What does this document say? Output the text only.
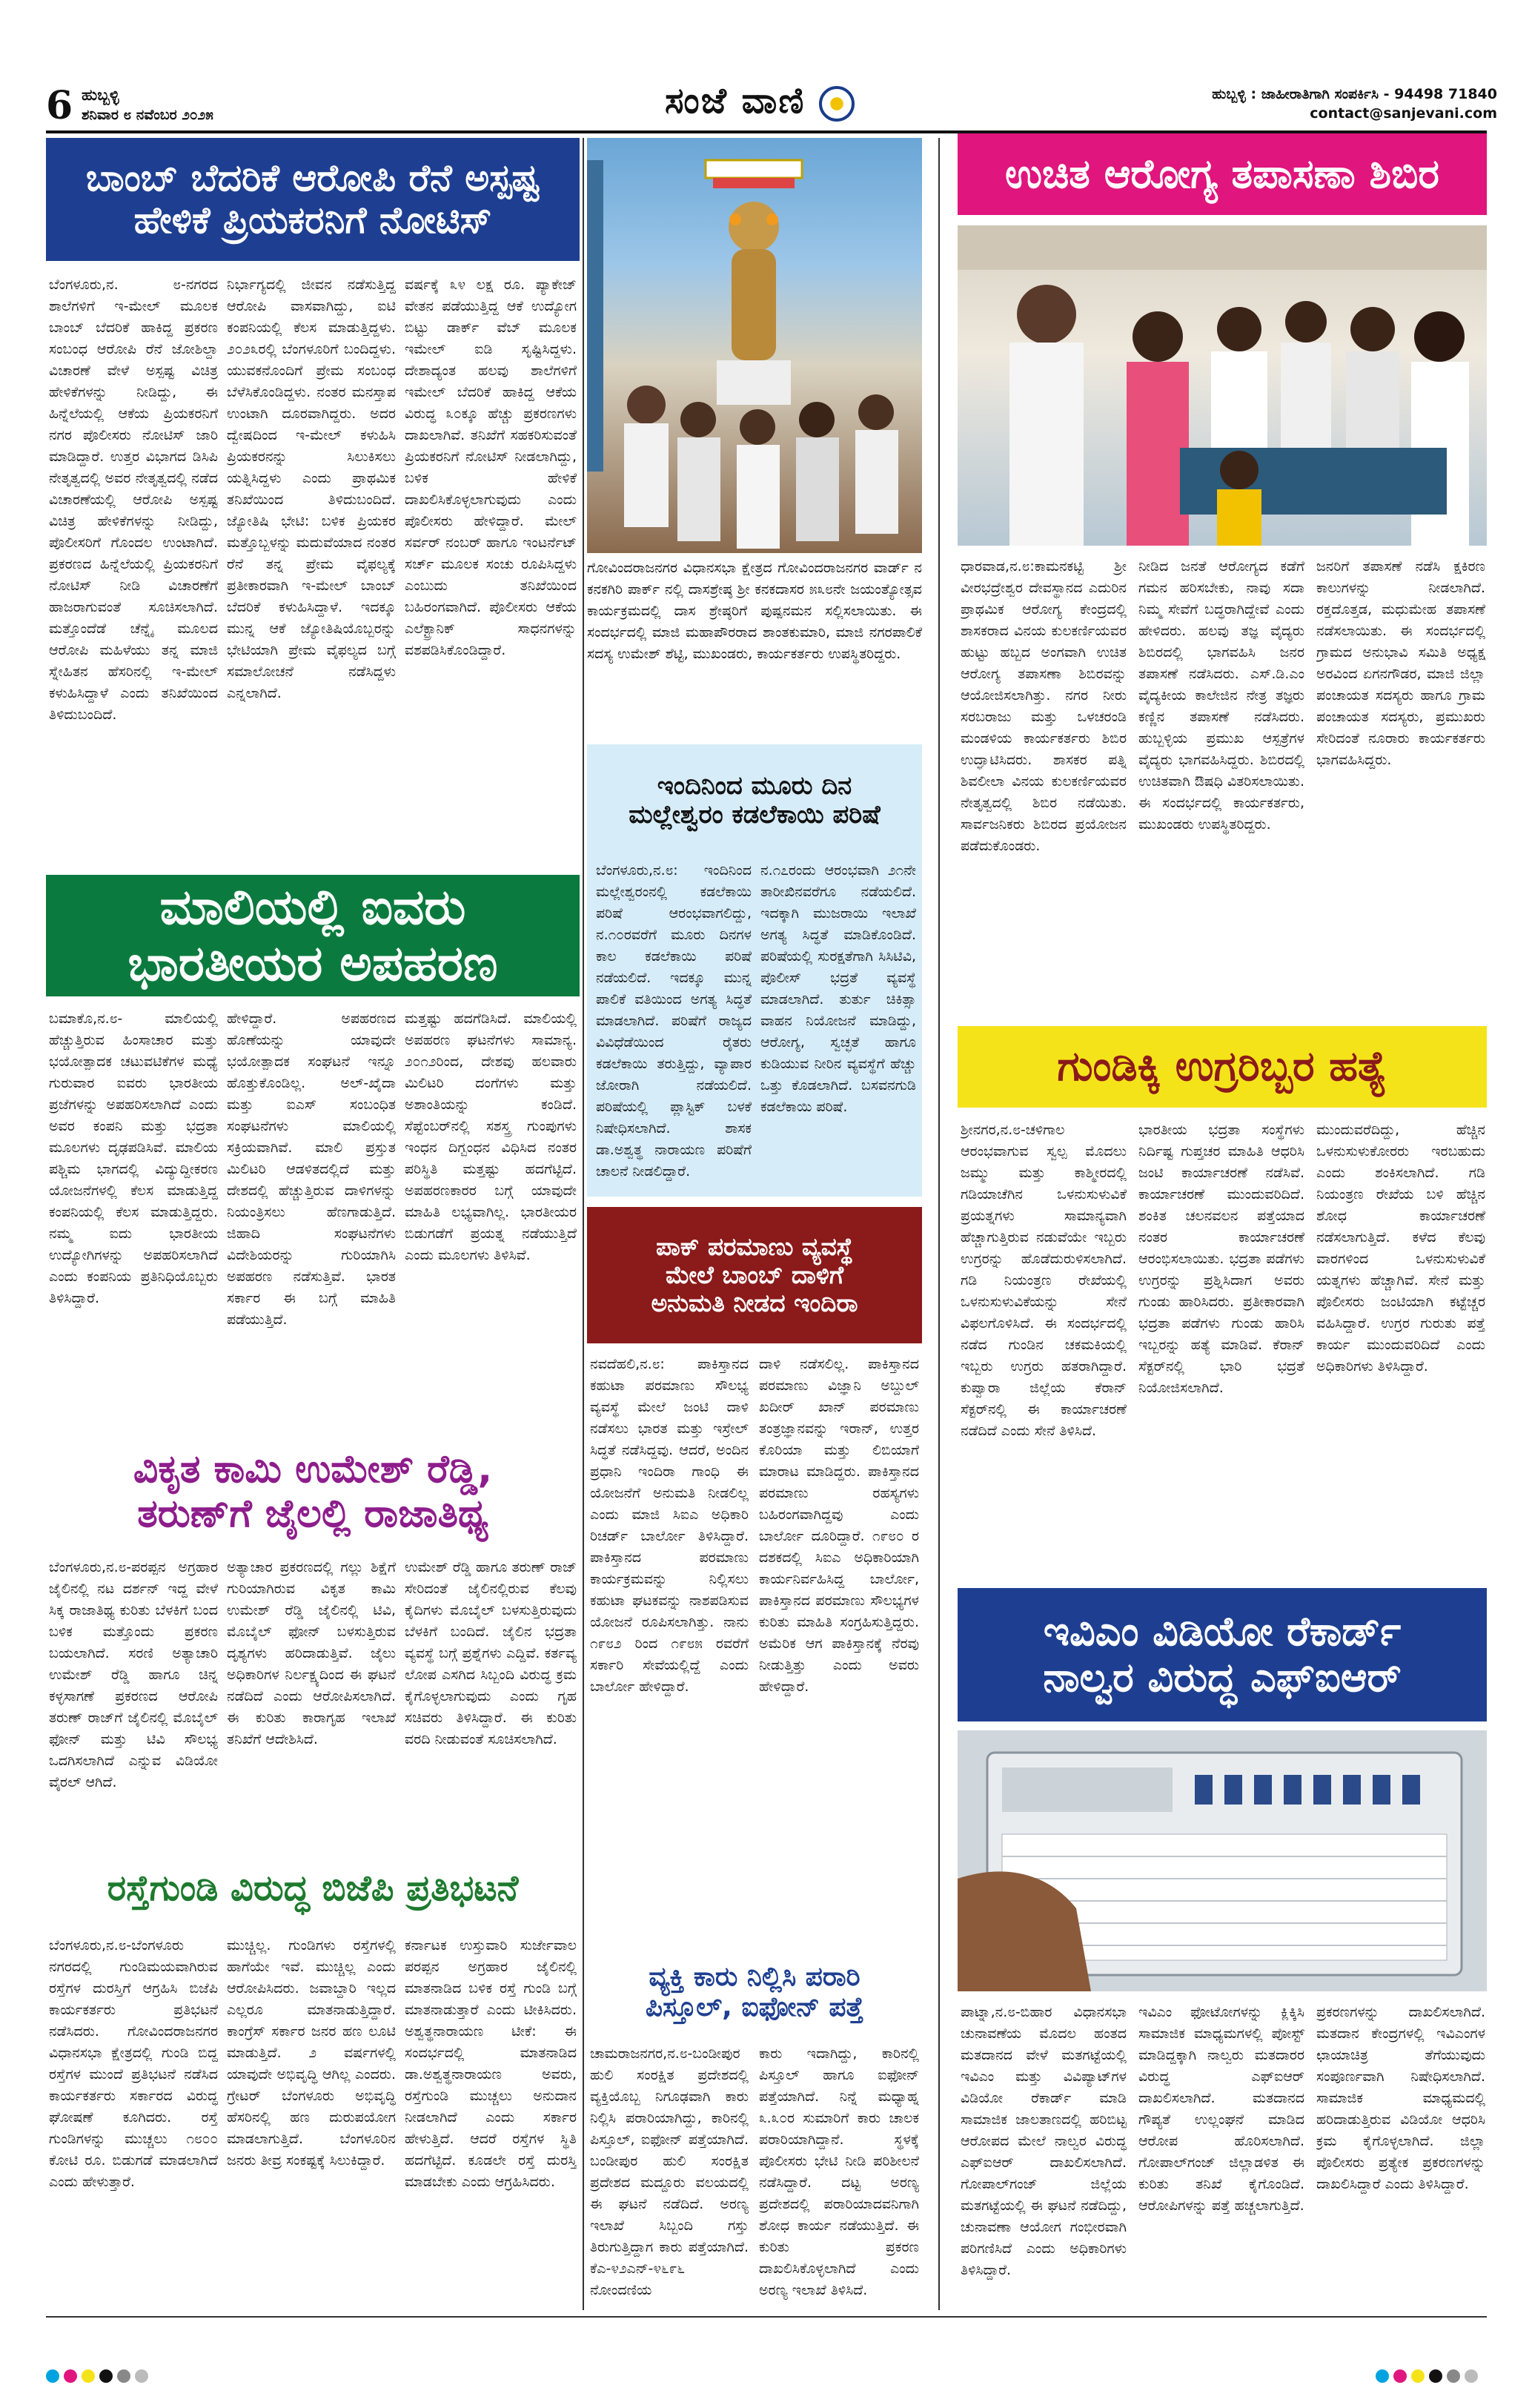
6 ಹುಬ್ಬಳ್ಳಿ
ಶನಿವಾರ ೮ ನವೆಂಬರ ೨೦೨೫	ಸಂಜೆ ವಾಣಿ	ಹುಬ್ಬಳ್ಳಿ : ಜಾಹೀರಾತಿಗಾಗಿ ಸಂಪರ್ಕಿಸಿ - 94498 71840
contact@sanjevani.com
ಬಾಂಬ್ ಬೆದರಿಕೆ ಆರೋಪಿ ರೆನೆ ಅಸ್ಪಷ್ಟ
ಹೇಳಿಕೆ ಪ್ರಿಯಕರನಿಗೆ ನೋಟಿಸ್
ಬೆಂಗಳೂರು,ನ. ೮-ನಗರದ ಶಾಲೆಗಳಿಗೆ ಇ-ಮೇಲ್ ಮೂಲಕ ಬಾಂಬ್ ಬೆದರಿಕೆ ಹಾಕಿದ್ದ ಪ್ರಕರಣ ಸಂಬಂಧ ಆರೋಪಿ ರೆನೆ ಜೋಶಿಲ್ದಾ ವಿಚಾರಣೆ ವೇಳೆ ಅಸ್ಪಷ್ಟ ವಿಚಿತ್ರ ಹೇಳಿಕೆಗಳನ್ನು ನೀಡಿದ್ದು, ಈ ಹಿನ್ನೆಲೆಯಲ್ಲಿ ಆಕೆಯ ಪ್ರಿಯಕರನಿಗೆ ನಗರ ಪೊಲೀಸರು ನೋಟಿಸ್ ಜಾರಿ ಮಾಡಿದ್ದಾರೆ. ಉತ್ತರ ವಿಭಾಗದ ಡಿಸಿಪಿ ನೇತೃತ್ವದಲ್ಲಿ ಅವರ ನೇತೃತ್ವದಲ್ಲಿ ನಡೆದ ವಿಚಾರಣೆಯಲ್ಲಿ ಆರೋಪಿ ಅಸ್ಪಷ್ಟ ವಿಚಿತ್ರ ಹೇಳಿಕೆಗಳನ್ನು ನೀಡಿದ್ದು, ಪೊಲೀಸರಿಗೆ ಗೊಂದಲ ಉಂಟಾಗಿದೆ. ಪ್ರಕರಣದ ಹಿನ್ನೆಲೆಯಲ್ಲಿ ಪ್ರಿಯಕರನಿಗೆ ನೋಟಿಸ್ ನೀಡಿ ವಿಚಾರಣೆಗೆ ಹಾಜರಾಗುವಂತೆ ಸೂಚಿಸಲಾಗಿದೆ. ಮತ್ತೊಂದೆಡೆ ಚೆನ್ನೈ ಮೂಲದ ಆರೋಪಿ ಮಹಿಳೆಯು ತನ್ನ ಮಾಜಿ ಸ್ನೇಹಿತನ ಹೆಸರಿನಲ್ಲಿ ಇ-ಮೇಲ್ ಕಳುಹಿಸಿದ್ದಾಳೆ ಎಂದು ತನಿಖೆಯಿಂದ ತಿಳಿದುಬಂದಿದೆ.
ನಿರ್ಭಾಗ್ಯದಲ್ಲಿ ಜೀವನ ನಡೆಸುತ್ತಿದ್ದ ಆರೋಪಿ ವಾಸವಾಗಿದ್ದು, ಐಟಿ ಕಂಪನಿಯಲ್ಲಿ ಕೆಲಸ ಮಾಡುತ್ತಿದ್ದಳು. ೨೦೨೩ರಲ್ಲಿ ಬೆಂಗಳೂರಿಗೆ ಬಂದಿದ್ದಳು. ಯುವಕನೊಂದಿಗೆ ಪ್ರೇಮ ಸಂಬಂಧ ಬೆಳೆಸಿಕೊಂಡಿದ್ದಳು. ನಂತರ ಮನಸ್ತಾಪ ಉಂಟಾಗಿ ದೂರವಾಗಿದ್ದರು. ಅದರ ದ್ವೇಷದಿಂದ ಇ-ಮೇಲ್ ಕಳುಹಿಸಿ ಪ್ರಿಯಕರನನ್ನು ಸಿಲುಕಿಸಲು ಯತ್ನಿಸಿದ್ದಳು ಎಂದು ಪ್ರಾಥಮಿಕ ತನಿಖೆಯಿಂದ ತಿಳಿದುಬಂದಿದೆ. ಜ್ಯೋತಿಷಿ ಭೇಟಿ: ಬಳಿಕ ಪ್ರಿಯಕರ ಮತ್ತೊಬ್ಬಳನ್ನು ಮದುವೆಯಾದ ನಂತರ ರೆನೆ ತನ್ನ ಪ್ರೇಮ ವೈಫಲ್ಯಕ್ಕೆ ಪ್ರತೀಕಾರವಾಗಿ ಇ-ಮೇಲ್ ಬಾಂಬ್ ಬೆದರಿಕೆ ಕಳುಹಿಸಿದ್ದಾಳೆ. ಇದಕ್ಕೂ ಮುನ್ನ ಆಕೆ ಜ್ಯೋತಿಷಿಯೊಬ್ಬರನ್ನು ಭೇಟಿಯಾಗಿ ಪ್ರೇಮ ವೈಫಲ್ಯದ ಬಗ್ಗೆ ಸಮಾಲೋಚನೆ ನಡೆಸಿದ್ದಳು ಎನ್ನಲಾಗಿದೆ.
ವರ್ಷಕ್ಕೆ ೩೪ ಲಕ್ಷ ರೂ. ಪ್ಯಾಕೇಜ್ ವೇತನ ಪಡೆಯುತ್ತಿದ್ದ ಆಕೆ ಉದ್ಯೋಗ ಬಿಟ್ಟು ಡಾರ್ಕ್ ವೆಬ್ ಮೂಲಕ ಇಮೇಲ್ ಐಡಿ ಸೃಷ್ಟಿಸಿದ್ದಳು. ದೇಶಾದ್ಯಂತ ಹಲವು ಶಾಲೆಗಳಿಗೆ ಇಮೇಲ್ ಬೆದರಿಕೆ ಹಾಕಿದ್ದ ಆಕೆಯ ವಿರುದ್ಧ ೩೦ಕ್ಕೂ ಹೆಚ್ಚು ಪ್ರಕರಣಗಳು ದಾಖಲಾಗಿವೆ. ತನಿಖೆಗೆ ಸಹಕರಿಸುವಂತೆ ಪ್ರಿಯಕರನಿಗೆ ನೋಟಿಸ್ ನೀಡಲಾಗಿದ್ದು, ಬಳಿಕ ಹೇಳಿಕೆ ದಾಖಲಿಸಿಕೊಳ್ಳಲಾಗುವುದು ಎಂದು ಪೊಲೀಸರು ಹೇಳಿದ್ದಾರೆ. ಮೇಲ್ ಸರ್ವರ್ ನಂಬರ್ ಹಾಗೂ ಇಂಟರ್ನೆಟ್ ಸರ್ಚ್ ಮೂಲಕ ಸಂಚು ರೂಪಿಸಿದ್ದಳು ಎಂಬುದು ತನಿಖೆಯಿಂದ ಬಹಿರಂಗವಾಗಿದೆ. ಪೊಲೀಸರು ಆಕೆಯ ಎಲೆಕ್ಟ್ರಾನಿಕ್ ಸಾಧನಗಳನ್ನು ವಶಪಡಿಸಿಕೊಂಡಿದ್ದಾರೆ.
ಮಾಲಿಯಲ್ಲಿ ಐವರು
ಭಾರತೀಯರ ಅಪಹರಣ
ಬಮಾಕೊ,ನ.೮- ಮಾಲಿಯಲ್ಲಿ ಹೆಚ್ಚುತ್ತಿರುವ ಹಿಂಸಾಚಾರ ಮತ್ತು ಭಯೋತ್ಪಾದಕ ಚಟುವಟಿಕೆಗಳ ಮಧ್ಯೆ ಗುರುವಾರ ಐವರು ಭಾರತೀಯ ಪ್ರಜೆಗಳನ್ನು ಅಪಹರಿಸಲಾಗಿದೆ ಎಂದು ಅವರ ಕಂಪನಿ ಮತ್ತು ಭದ್ರತಾ ಮೂಲಗಳು ದೃಢಪಡಿಸಿವೆ. ಮಾಲಿಯ ಪಶ್ಚಿಮ ಭಾಗದಲ್ಲಿ ವಿದ್ಯುದ್ದೀಕರಣ ಯೋಜನೆಗಳಲ್ಲಿ ಕೆಲಸ ಮಾಡುತ್ತಿದ್ದ ಕಂಪನಿಯಲ್ಲಿ ಕೆಲಸ ಮಾಡುತ್ತಿದ್ದರು. ನಮ್ಮ ಐದು ಭಾರತೀಯ ಉದ್ಯೋಗಿಗಳನ್ನು ಅಪಹರಿಸಲಾಗಿದೆ ಎಂದು ಕಂಪನಿಯ ಪ್ರತಿನಿಧಿಯೊಬ್ಬರು ತಿಳಿಸಿದ್ದಾರೆ.
ಹೇಳಿದ್ದಾರೆ. ಅಪಹರಣದ ಹೊಣೆಯನ್ನು ಯಾವುದೇ ಭಯೋತ್ಪಾದಕ ಸಂಘಟನೆ ಇನ್ನೂ ಹೊತ್ತುಕೊಂಡಿಲ್ಲ. ಅಲ್-ಖೈದಾ ಮತ್ತು ಐಎಸ್ ಸಂಬಂಧಿತ ಸಂಘಟನೆಗಳು ಮಾಲಿಯಲ್ಲಿ ಸಕ್ರಿಯವಾಗಿವೆ. ಮಾಲಿ ಪ್ರಸ್ತುತ ಮಿಲಿಟರಿ ಆಡಳಿತದಲ್ಲಿದೆ ಮತ್ತು ದೇಶದಲ್ಲಿ ಹೆಚ್ಚುತ್ತಿರುವ ದಾಳಿಗಳನ್ನು ನಿಯಂತ್ರಿಸಲು ಹೆಣಗಾಡುತ್ತಿದೆ. ಜಿಹಾದಿ ಸಂಘಟನೆಗಳು ವಿದೇಶಿಯರನ್ನು ಗುರಿಯಾಗಿಸಿ ಅಪಹರಣ ನಡೆಸುತ್ತಿವೆ. ಭಾರತ ಸರ್ಕಾರ ಈ ಬಗ್ಗೆ ಮಾಹಿತಿ ಪಡೆಯುತ್ತಿದೆ.
ಮತ್ತಷ್ಟು ಹದಗೆಡಿಸಿದೆ. ಮಾಲಿಯಲ್ಲಿ ಅಪಹರಣ ಘಟನೆಗಳು ಸಾಮಾನ್ಯ. ೨೦೧೨ರಿಂದ, ದೇಶವು ಹಲವಾರು ಮಿಲಿಟರಿ ದಂಗೆಗಳು ಮತ್ತು ಅಶಾಂತಿಯನ್ನು ಕಂಡಿದೆ. ಸೆಪ್ಟೆಂಬರ್‌ನಲ್ಲಿ ಸಶಸ್ತ್ರ ಗುಂಪುಗಳು ಇಂಧನ ದಿಗ್ಬಂಧನ ವಿಧಿಸಿದ ನಂತರ ಪರಿಸ್ಥಿತಿ ಮತ್ತಷ್ಟು ಹದಗೆಟ್ಟಿದೆ. ಅಪಹರಣಕಾರರ ಬಗ್ಗೆ ಯಾವುದೇ ಮಾಹಿತಿ ಲಭ್ಯವಾಗಿಲ್ಲ. ಭಾರತೀಯರ ಬಿಡುಗಡೆಗೆ ಪ್ರಯತ್ನ ನಡೆಯುತ್ತಿದೆ ಎಂದು ಮೂಲಗಳು ತಿಳಿಸಿವೆ.
ವಿಕೃತ ಕಾಮಿ ಉಮೇಶ್ ರೆಡ್ಡಿ,
ತರುಣ್‌ಗೆ ಜೈಲಲ್ಲಿ ರಾಜಾತಿಥ್ಯ
ಬೆಂಗಳೂರು,ನ.೮-ಪರಪ್ಪನ ಅಗ್ರಹಾರ ಜೈಲಿನಲ್ಲಿ ನಟ ದರ್ಶನ್ ಇದ್ದ ವೇಳೆ ಸಿಕ್ಕ ರಾಜಾತಿಥ್ಯ ಕುರಿತು ಬೆಳಕಿಗೆ ಬಂದ ಬಳಿಕ ಮತ್ತೊಂದು ಪ್ರಕರಣ ಬಯಲಾಗಿದೆ. ಸರಣಿ ಅತ್ಯಾಚಾರಿ ಉಮೇಶ್ ರೆಡ್ಡಿ ಹಾಗೂ ಚಿನ್ನ ಕಳ್ಳಸಾಗಣೆ ಪ್ರಕರಣದ ಆರೋಪಿ ತರುಣ್ ರಾಜ್‌ಗೆ ಜೈಲಿನಲ್ಲಿ ಮೊಬೈಲ್ ಫೋನ್ ಮತ್ತು ಟಿವಿ ಸೌಲಭ್ಯ ಒದಗಿಸಲಾಗಿದೆ ಎನ್ನುವ ವಿಡಿಯೋ ವೈರಲ್ ಆಗಿದೆ.
ಅತ್ಯಾಚಾರ ಪ್ರಕರಣದಲ್ಲಿ ಗಲ್ಲು ಶಿಕ್ಷೆಗೆ ಗುರಿಯಾಗಿರುವ ವಿಕೃತ ಕಾಮಿ ಉಮೇಶ್ ರೆಡ್ಡಿ ಜೈಲಿನಲ್ಲಿ ಟಿವಿ, ಮೊಬೈಲ್ ಫೋನ್ ಬಳಸುತ್ತಿರುವ ದೃಶ್ಯಗಳು ಹರಿದಾಡುತ್ತಿವೆ. ಜೈಲು ಅಧಿಕಾರಿಗಳ ನಿರ್ಲಕ್ಷ್ಯದಿಂದ ಈ ಘಟನೆ ನಡೆದಿದೆ ಎಂದು ಆರೋಪಿಸಲಾಗಿದೆ. ಈ ಕುರಿತು ಕಾರಾಗೃಹ ಇಲಾಖೆ ತನಿಖೆಗೆ ಆದೇಶಿಸಿದೆ.
ಉಮೇಶ್ ರೆಡ್ಡಿ ಹಾಗೂ ತರುಣ್ ರಾಜ್ ಸೇರಿದಂತೆ ಜೈಲಿನಲ್ಲಿರುವ ಕೆಲವು ಕೈದಿಗಳು ಮೊಬೈಲ್ ಬಳಸುತ್ತಿರುವುದು ಬೆಳಕಿಗೆ ಬಂದಿದೆ. ಜೈಲಿನ ಭದ್ರತಾ ವ್ಯವಸ್ಥೆ ಬಗ್ಗೆ ಪ್ರಶ್ನೆಗಳು ಎದ್ದಿವೆ. ಕರ್ತವ್ಯ ಲೋಪ ಎಸಗಿದ ಸಿಬ್ಬಂದಿ ವಿರುದ್ಧ ಕ್ರಮ ಕೈಗೊಳ್ಳಲಾಗುವುದು ಎಂದು ಗೃಹ ಸಚಿವರು ತಿಳಿಸಿದ್ದಾರೆ. ಈ ಕುರಿತು ವರದಿ ನೀಡುವಂತೆ ಸೂಚಿಸಲಾಗಿದೆ.
ರಸ್ತೆಗುಂಡಿ ವಿರುದ್ಧ ಬಿಜೆಪಿ ಪ್ರತಿಭಟನೆ
ಬೆಂಗಳೂರು,ನ.೮-ಬೆಂಗಳೂರು ನಗರದಲ್ಲಿ ಗುಂಡಿಮಯವಾಗಿರುವ ರಸ್ತೆಗಳ ದುರಸ್ತಿಗೆ ಆಗ್ರಹಿಸಿ ಬಿಜೆಪಿ ಕಾರ್ಯಕರ್ತರು ಪ್ರತಿಭಟನೆ ನಡೆಸಿದರು. ಗೋವಿಂದರಾಜನಗರ ವಿಧಾನಸಭಾ ಕ್ಷೇತ್ರದಲ್ಲಿ ಗುಂಡಿ ಬಿದ್ದ ರಸ್ತೆಗಳ ಮುಂದೆ ಪ್ರತಿಭಟನೆ ನಡೆಸಿದ ಕಾರ್ಯಕರ್ತರು ಸರ್ಕಾರದ ವಿರುದ್ಧ ಘೋಷಣೆ ಕೂಗಿದರು. ರಸ್ತೆ ಗುಂಡಿಗಳನ್ನು ಮುಚ್ಚಲು ೧೮೦೦ ಕೋಟಿ ರೂ. ಬಿಡುಗಡೆ ಮಾಡಲಾಗಿದೆ ಎಂದು ಹೇಳುತ್ತಾರೆ.
ಮುಚ್ಚಿಲ್ಲ. ಗುಂಡಿಗಳು ರಸ್ತೆಗಳಲ್ಲಿ ಹಾಗೆಯೇ ಇವೆ. ಮುಚ್ಚಿಲ್ಲ ಎಂದು ಆರೋಪಿಸಿದರು. ಜವಾಬ್ದಾರಿ ಇಲ್ಲದ ಎಲ್ಲರೂ ಮಾತನಾಡುತ್ತಿದ್ದಾರೆ. ಕಾಂಗ್ರೆಸ್ ಸರ್ಕಾರ ಜನರ ಹಣ ಲೂಟಿ ಮಾಡುತ್ತಿದೆ. ೨ ವರ್ಷಗಳಲ್ಲಿ ಯಾವುದೇ ಅಭಿವೃದ್ಧಿ ಆಗಿಲ್ಲ ಎಂದರು. ಗ್ರೇಟರ್ ಬೆಂಗಳೂರು ಅಭಿವೃದ್ಧಿ ಹೆಸರಿನಲ್ಲಿ ಹಣ ದುರುಪಯೋಗ ಮಾಡಲಾಗುತ್ತಿದೆ. ಬೆಂಗಳೂರಿನ ಜನರು ತೀವ್ರ ಸಂಕಷ್ಟಕ್ಕೆ ಸಿಲುಕಿದ್ದಾರೆ.
ಕರ್ನಾಟಕ ಉಸ್ತುವಾರಿ ಸುರ್ಜೇವಾಲ ಪರಪ್ಪನ ಅಗ್ರಹಾರ ಜೈಲಿನಲ್ಲಿ ಮಾತನಾಡಿದ ಬಳಿಕ ರಸ್ತೆ ಗುಂಡಿ ಬಗ್ಗೆ ಮಾತನಾಡುತ್ತಾರೆ ಎಂದು ಟೀಕಿಸಿದರು. ಅಶ್ವತ್ಥನಾರಾಯಣ ಟೀಕೆ: ಈ ಸಂದರ್ಭದಲ್ಲಿ ಮಾತನಾಡಿದ ಡಾ.ಅಶ್ವತ್ಥನಾರಾಯಣ ಅವರು, ರಸ್ತೆಗುಂಡಿ ಮುಚ್ಚಲು ಅನುದಾನ ನೀಡಲಾಗಿದೆ ಎಂದು ಸರ್ಕಾರ ಹೇಳುತ್ತಿದೆ. ಆದರೆ ರಸ್ತೆಗಳ ಸ್ಥಿತಿ ಹದಗೆಟ್ಟಿದೆ. ಕೂಡಲೇ ರಸ್ತೆ ದುರಸ್ತಿ ಮಾಡಬೇಕು ಎಂದು ಆಗ್ರಹಿಸಿದರು.
ಗೋವಿಂದರಾಜನಗರ ವಿಧಾನಸಭಾ ಕ್ಷೇತ್ರದ ಗೋವಿಂದರಾಜನಗರ ವಾರ್ಡ್ ನ ಕನಕಗಿರಿ ಪಾರ್ಕ್ ನಲ್ಲಿ ದಾಸಶ್ರೇಷ್ಠ ಶ್ರೀ ಕನಕದಾಸರ ೫೩೮ನೇ ಜಯಂತ್ಯೋತ್ಸವ ಕಾರ್ಯಕ್ರಮದಲ್ಲಿ ದಾಸ ಶ್ರೇಷ್ಠರಿಗೆ ಪುಷ್ಪನಮನ ಸಲ್ಲಿಸಲಾಯಿತು. ಈ ಸಂದರ್ಭದಲ್ಲಿ ಮಾಜಿ ಮಹಾಪೌರರಾದ ಶಾಂತಕುಮಾರಿ, ಮಾಜಿ ನಗರಪಾಲಿಕೆ ಸದಸ್ಯ ಉಮೇಶ್ ಶೆಟ್ಟಿ, ಮುಖಂಡರು, ಕಾರ್ಯಕರ್ತರು ಉಪಸ್ಥಿತರಿದ್ದರು.
ಇಂದಿನಿಂದ ಮೂರು ದಿನ
ಮಲ್ಲೇಶ್ವರಂ ಕಡಲೆಕಾಯಿ ಪರಿಷೆ
ಬೆಂಗಳೂರು,ನ.೮: ಇಂದಿನಿಂದ ಮಲ್ಲೇಶ್ವರಂನಲ್ಲಿ ಕಡಲೆಕಾಯಿ ಪರಿಷೆ ಆರಂಭವಾಗಲಿದ್ದು, ನ.೧೦ರವರೆಗೆ ಮೂರು ದಿನಗಳ ಕಾಲ ಕಡಲೆಕಾಯಿ ಪರಿಷೆ ನಡೆಯಲಿದೆ. ಇದಕ್ಕೂ ಮುನ್ನ ಪಾಲಿಕೆ ವತಿಯಿಂದ ಅಗತ್ಯ ಸಿದ್ಧತೆ ಮಾಡಲಾಗಿದೆ. ಪರಿಷೆಗೆ ರಾಜ್ಯದ ವಿವಿಧೆಡೆಯಿಂದ ರೈತರು ಕಡಲೆಕಾಯಿ ತರುತ್ತಿದ್ದು, ವ್ಯಾಪಾರ ಜೋರಾಗಿ ನಡೆಯಲಿದೆ. ಪರಿಷೆಯಲ್ಲಿ ಪ್ಲಾಸ್ಟಿಕ್ ಬಳಕೆ ನಿಷೇಧಿಸಲಾಗಿದೆ. ಶಾಸಕ ಡಾ.ಅಶ್ವತ್ಥ ನಾರಾಯಣ ಪರಿಷೆಗೆ ಚಾಲನೆ ನೀಡಲಿದ್ದಾರೆ.
ನ.೧೭ರಂದು ಆರಂಭವಾಗಿ ೨೧ನೇ ತಾರೀಖಿನವರೆಗೂ ನಡೆಯಲಿದೆ. ಇದಕ್ಕಾಗಿ ಮುಜರಾಯಿ ಇಲಾಖೆ ಅಗತ್ಯ ಸಿದ್ಧತೆ ಮಾಡಿಕೊಂಡಿದೆ. ಪರಿಷೆಯಲ್ಲಿ ಸುರಕ್ಷತೆಗಾಗಿ ಸಿಸಿಟಿವಿ, ಪೊಲೀಸ್ ಭದ್ರತೆ ವ್ಯವಸ್ಥೆ ಮಾಡಲಾಗಿದೆ. ತುರ್ತು ಚಿಕಿತ್ಸಾ ವಾಹನ ನಿಯೋಜನೆ ಮಾಡಿದ್ದು, ಆರೋಗ್ಯ, ಸ್ವಚ್ಛತೆ ಹಾಗೂ ಕುಡಿಯುವ ನೀರಿನ ವ್ಯವಸ್ಥೆಗೆ ಹೆಚ್ಚು ಒತ್ತು ಕೊಡಲಾಗಿದೆ. ಬಸವನಗುಡಿ ಕಡಲೆಕಾಯಿ ಪರಿಷೆ.
ಪಾಕ್ ಪರಮಾಣು ವ್ಯವಸ್ಥೆ
ಮೇಲೆ ಬಾಂಬ್ ದಾಳಿಗೆ
ಅನುಮತಿ ನೀಡದ ಇಂದಿರಾ
ನವದೆಹಲಿ,ನ.೮: ಪಾಕಿಸ್ತಾನದ ಕಹುಟಾ ಪರಮಾಣು ಸೌಲಭ್ಯ ವ್ಯವಸ್ಥೆ ಮೇಲೆ ಜಂಟಿ ದಾಳಿ ನಡೆಸಲು ಭಾರತ ಮತ್ತು ಇಸ್ರೇಲ್ ಸಿದ್ಧತೆ ನಡೆಸಿದ್ದವು. ಆದರೆ, ಅಂದಿನ ಪ್ರಧಾನಿ ಇಂದಿರಾ ಗಾಂಧಿ ಈ ಯೋಜನೆಗೆ ಅನುಮತಿ ನೀಡಲಿಲ್ಲ ಎಂದು ಮಾಜಿ ಸಿಐಎ ಅಧಿಕಾರಿ ರಿಚರ್ಡ್ ಬಾರ್ಲೋ ತಿಳಿಸಿದ್ದಾರೆ. ಪಾಕಿಸ್ತಾನದ ಪರಮಾಣು ಕಾರ್ಯಕ್ರಮವನ್ನು ನಿಲ್ಲಿಸಲು ಕಹುಟಾ ಘಟಕವನ್ನು ನಾಶಪಡಿಸುವ ಯೋಜನೆ ರೂಪಿಸಲಾಗಿತ್ತು. ನಾನು ೧೯೮೨ ರಿಂದ ೧೯೮೫ ರವರೆಗೆ ಸರ್ಕಾರಿ ಸೇವೆಯಲ್ಲಿದ್ದೆ ಎಂದು ಬಾರ್ಲೋ ಹೇಳಿದ್ದಾರೆ.
ದಾಳಿ ನಡೆಸಲಿಲ್ಲ. ಪಾಕಿಸ್ತಾನದ ಪರಮಾಣು ವಿಜ್ಞಾನಿ ಅಬ್ದುಲ್ ಖದೀರ್ ಖಾನ್ ಪರಮಾಣು ತಂತ್ರಜ್ಞಾನವನ್ನು ಇರಾನ್, ಉತ್ತರ ಕೊರಿಯಾ ಮತ್ತು ಲಿಬಿಯಾಗೆ ಮಾರಾಟ ಮಾಡಿದ್ದರು. ಪಾಕಿಸ್ತಾನದ ಪರಮಾಣು ರಹಸ್ಯಗಳು ಬಹಿರಂಗವಾಗಿದ್ದವು ಎಂದು ಬಾರ್ಲೋ ದೂರಿದ್ದಾರೆ. ೧೯೮೦ ರ ದಶಕದಲ್ಲಿ ಸಿಐಎ ಅಧಿಕಾರಿಯಾಗಿ ಕಾರ್ಯನಿರ್ವಹಿಸಿದ್ದ ಬಾರ್ಲೋ, ಪಾಕಿಸ್ತಾನದ ಪರಮಾಣು ಸೌಲಭ್ಯಗಳ ಕುರಿತು ಮಾಹಿತಿ ಸಂಗ್ರಹಿಸುತ್ತಿದ್ದರು. ಅಮೆರಿಕ ಆಗ ಪಾಕಿಸ್ತಾನಕ್ಕೆ ನೆರವು ನೀಡುತ್ತಿತ್ತು ಎಂದು ಅವರು ಹೇಳಿದ್ದಾರೆ.
ವ್ಯಕ್ತಿ ಕಾರು ನಿಲ್ಲಿಸಿ ಪರಾರಿ
ಪಿಸ್ತೂಲ್, ಐಫೋನ್ ಪತ್ತೆ
ಚಾಮರಾಜನಗರ,ನ.೮-ಬಂಡೀಪುರ ಹುಲಿ ಸಂರಕ್ಷಿತ ಪ್ರದೇಶದಲ್ಲಿ ವ್ಯಕ್ತಿಯೊಬ್ಬ ನಿಗೂಢವಾಗಿ ಕಾರು ನಿಲ್ಲಿಸಿ ಪರಾರಿಯಾಗಿದ್ದು, ಕಾರಿನಲ್ಲಿ ಪಿಸ್ತೂಲ್, ಐಫೋನ್ ಪತ್ತೆಯಾಗಿದೆ. ಬಂಡೀಪುರ ಹುಲಿ ಸಂರಕ್ಷಿತ ಪ್ರದೇಶದ ಮದ್ದೂರು ವಲಯದಲ್ಲಿ ಈ ಘಟನೆ ನಡೆದಿದೆ. ಅರಣ್ಯ ಇಲಾಖೆ ಸಿಬ್ಬಂದಿ ಗಸ್ತು ತಿರುಗುತ್ತಿದ್ದಾಗ ಕಾರು ಪತ್ತೆಯಾಗಿದೆ. ಕೆಎ-೪೨ಎನ್-೪೬೯೬ ನೋಂದಣಿಯ
ಕಾರು ಇದಾಗಿದ್ದು, ಕಾರಿನಲ್ಲಿ ಪಿಸ್ತೂಲ್ ಹಾಗೂ ಐಫೋನ್ ಪತ್ತೆಯಾಗಿದೆ. ನಿನ್ನೆ ಮಧ್ಯಾಹ್ನ ೩.೩೦ರ ಸುಮಾರಿಗೆ ಕಾರು ಚಾಲಕ ಪರಾರಿಯಾಗಿದ್ದಾನೆ. ಸ್ಥಳಕ್ಕೆ ಪೊಲೀಸರು ಭೇಟಿ ನೀಡಿ ಪರಿಶೀಲನೆ ನಡೆಸಿದ್ದಾರೆ. ದಟ್ಟ ಅರಣ್ಯ ಪ್ರದೇಶದಲ್ಲಿ ಪರಾರಿಯಾದವನಿಗಾಗಿ ಶೋಧ ಕಾರ್ಯ ನಡೆಯುತ್ತಿದೆ. ಈ ಕುರಿತು ಪ್ರಕರಣ ದಾಖಲಿಸಿಕೊಳ್ಳಲಾಗಿದೆ ಎಂದು ಅರಣ್ಯ ಇಲಾಖೆ ತಿಳಿಸಿದೆ.
ಉಚಿತ ಆರೋಗ್ಯ ತಪಾಸಣಾ ಶಿಬಿರ
ಧಾರವಾಡ,ನ.೮:ಕಾಮನಕಟ್ಟಿ ಶ್ರೀ ವೀರಭದ್ರೇಶ್ವರ ದೇವಸ್ಥಾನದ ಎದುರಿನ ಪ್ರಾಥಮಿಕ ಆರೋಗ್ಯ ಕೇಂದ್ರದಲ್ಲಿ ಶಾಸಕರಾದ ವಿನಯ ಕುಲಕರ್ಣಿಯವರ ಹುಟ್ಟು ಹಬ್ಬದ ಅಂಗವಾಗಿ ಉಚಿತ ಆರೋಗ್ಯ ತಪಾಸಣಾ ಶಿಬಿರವನ್ನು ಆಯೋಜಿಸಲಾಗಿತ್ತು. ನಗರ ನೀರು ಸರಬರಾಜು ಮತ್ತು ಒಳಚರಂಡಿ ಮಂಡಳಿಯ ಕಾರ್ಯಕರ್ತರು ಶಿಬಿರ ಉದ್ಘಾಟಿಸಿದರು. ಶಾಸಕರ ಪತ್ನಿ ಶಿವಲೀಲಾ ವಿನಯ ಕುಲಕರ್ಣಿಯವರ ನೇತೃತ್ವದಲ್ಲಿ ಶಿಬಿರ ನಡೆಯಿತು. ಸಾರ್ವಜನಿಕರು ಶಿಬಿರದ ಪ್ರಯೋಜನ ಪಡೆದುಕೊಂಡರು.
ನೀಡಿದ ಜನತೆ ಆರೋಗ್ಯದ ಕಡೆಗೆ ಗಮನ ಹರಿಸಬೇಕು, ನಾವು ಸದಾ ನಿಮ್ಮ ಸೇವೆಗೆ ಬದ್ಧರಾಗಿದ್ದೇವೆ ಎಂದು ಹೇಳಿದರು. ಹಲವು ತಜ್ಞ ವೈದ್ಯರು ಶಿಬಿರದಲ್ಲಿ ಭಾಗವಹಿಸಿ ಜನರ ತಪಾಸಣೆ ನಡೆಸಿದರು. ಎಸ್.ಡಿ.ಎಂ ವೈದ್ಯಕೀಯ ಕಾಲೇಜಿನ ನೇತ್ರ ತಜ್ಞರು ಕಣ್ಣಿನ ತಪಾಸಣೆ ನಡೆಸಿದರು. ಹುಬ್ಬಳ್ಳಿಯ ಪ್ರಮುಖ ಆಸ್ಪತ್ರೆಗಳ ವೈದ್ಯರು ಭಾಗವಹಿಸಿದ್ದರು. ಶಿಬಿರದಲ್ಲಿ ಉಚಿತವಾಗಿ ಔಷಧಿ ವಿತರಿಸಲಾಯಿತು. ಈ ಸಂದರ್ಭದಲ್ಲಿ ಕಾರ್ಯಕರ್ತರು, ಮುಖಂಡರು ಉಪಸ್ಥಿತರಿದ್ದರು.
ಜನರಿಗೆ ತಪಾಸಣೆ ನಡೆಸಿ ಕ್ಷಕಿರಣ ಕಾಲುಗಳನ್ನು ನೀಡಲಾಗಿದೆ. ರಕ್ತದೊತ್ತಡ, ಮಧುಮೇಹ ತಪಾಸಣೆ ನಡೆಸಲಾಯಿತು. ಈ ಸಂದರ್ಭದಲ್ಲಿ ಗ್ರಾಮದ ಅನುಭಾವಿ ಸಮಿತಿ ಅಧ್ಯಕ್ಷ ಅರವಿಂದ ಏಗನಗೌಡರ, ಮಾಜಿ ಜಿಲ್ಲಾ ಪಂಚಾಯತ ಸದಸ್ಯರು ಹಾಗೂ ಗ್ರಾಮ ಪಂಚಾಯತ ಸದಸ್ಯರು, ಪ್ರಮುಖರು ಸೇರಿದಂತೆ ನೂರಾರು ಕಾರ್ಯಕರ್ತರು ಭಾಗವಹಿಸಿದ್ದರು.
ಗುಂಡಿಕ್ಕಿ ಉಗ್ರರಿಬ್ಬರ ಹತ್ಯೆ
ಶ್ರೀನಗರ,ನ.೮-ಚಳಿಗಾಲ ಆರಂಭವಾಗುವ ಸ್ವಲ್ಪ ಮೊದಲು ಜಮ್ಮು ಮತ್ತು ಕಾಶ್ಮೀರದಲ್ಲಿ ಗಡಿಯಾಚೆಗಿನ ಒಳನುಸುಳುವಿಕೆ ಪ್ರಯತ್ನಗಳು ಸಾಮಾನ್ಯವಾಗಿ ಹೆಚ್ಚಾಗುತ್ತಿರುವ ನಡುವೆಯೇ ಇಬ್ಬರು ಉಗ್ರರನ್ನು ಹೊಡೆದುರುಳಿಸಲಾಗಿದೆ. ಗಡಿ ನಿಯಂತ್ರಣ ರೇಖೆಯಲ್ಲಿ ಒಳನುಸುಳುವಿಕೆಯನ್ನು ಸೇನೆ ವಿಫಲಗೊಳಿಸಿದೆ. ಈ ಸಂದರ್ಭದಲ್ಲಿ ನಡೆದ ಗುಂಡಿನ ಚಕಮಕಿಯಲ್ಲಿ ಇಬ್ಬರು ಉಗ್ರರು ಹತರಾಗಿದ್ದಾರೆ. ಕುಪ್ವಾರಾ ಜಿಲ್ಲೆಯ ಕೆರಾನ್ ಸೆಕ್ಟರ್‌ನಲ್ಲಿ ಈ ಕಾರ್ಯಾಚರಣೆ ನಡೆದಿದೆ ಎಂದು ಸೇನೆ ತಿಳಿಸಿದೆ.
ಭಾರತೀಯ ಭದ್ರತಾ ಸಂಸ್ಥೆಗಳು ನಿರ್ದಿಷ್ಟ ಗುಪ್ತಚರ ಮಾಹಿತಿ ಆಧರಿಸಿ ಜಂಟಿ ಕಾರ್ಯಾಚರಣೆ ನಡೆಸಿವೆ. ಕಾರ್ಯಾಚರಣೆ ಮುಂದುವರಿದಿದೆ. ಶಂಕಿತ ಚಲನವಲನ ಪತ್ತೆಯಾದ ನಂತರ ಕಾರ್ಯಾಚರಣೆ ಆರಂಭಿಸಲಾಯಿತು. ಭದ್ರತಾ ಪಡೆಗಳು ಉಗ್ರರನ್ನು ಪ್ರಶ್ನಿಸಿದಾಗ ಅವರು ಗುಂಡು ಹಾರಿಸಿದರು. ಪ್ರತೀಕಾರವಾಗಿ ಭದ್ರತಾ ಪಡೆಗಳು ಗುಂಡು ಹಾರಿಸಿ ಇಬ್ಬರನ್ನು ಹತ್ಯೆ ಮಾಡಿವೆ. ಕೆರಾನ್ ಸೆಕ್ಟರ್‌ನಲ್ಲಿ ಭಾರಿ ಭದ್ರತೆ ನಿಯೋಜಿಸಲಾಗಿದೆ.
ಮುಂದುವರೆದಿದ್ದು, ಹೆಚ್ಚಿನ ಒಳನುಸುಳುಕೋರರು ಇರಬಹುದು ಎಂದು ಶಂಕಿಸಲಾಗಿದೆ. ಗಡಿ ನಿಯಂತ್ರಣ ರೇಖೆಯ ಬಳಿ ಹೆಚ್ಚಿನ ಶೋಧ ಕಾರ್ಯಾಚರಣೆ ನಡೆಸಲಾಗುತ್ತಿದೆ. ಕಳೆದ ಕೆಲವು ವಾರಗಳಿಂದ ಒಳನುಸುಳುವಿಕೆ ಯತ್ನಗಳು ಹೆಚ್ಚಾಗಿವೆ. ಸೇನೆ ಮತ್ತು ಪೊಲೀಸರು ಜಂಟಿಯಾಗಿ ಕಟ್ಟೆಚ್ಚರ ವಹಿಸಿದ್ದಾರೆ. ಉಗ್ರರ ಗುರುತು ಪತ್ತೆ ಕಾರ್ಯ ಮುಂದುವರಿದಿದೆ ಎಂದು ಅಧಿಕಾರಿಗಳು ತಿಳಿಸಿದ್ದಾರೆ.
ಇವಿಎಂ ವಿಡಿಯೋ ರೆಕಾರ್ಡ್
ನಾಲ್ವರ ವಿರುದ್ಧ ಎಫ್‌ಐಆರ್
ಪಾಟ್ನಾ,ನ.೮-ಬಿಹಾರ ವಿಧಾನಸಭಾ ಚುನಾವಣೆಯ ಮೊದಲ ಹಂತದ ಮತದಾನದ ವೇಳೆ ಮತಗಟ್ಟೆಯಲ್ಲಿ ಇವಿಎಂ ಮತ್ತು ವಿವಿಪ್ಯಾಟ್‌ಗಳ ವಿಡಿಯೋ ರೆಕಾರ್ಡ್ ಮಾಡಿ ಸಾಮಾಜಿಕ ಜಾಲತಾಣದಲ್ಲಿ ಹರಿಬಿಟ್ಟ ಆರೋಪದ ಮೇಲೆ ನಾಲ್ವರ ವಿರುದ್ಧ ಎಫ್‌ಐಆರ್ ದಾಖಲಿಸಲಾಗಿದೆ. ಗೋಪಾಲ್‌ಗಂಜ್ ಜಿಲ್ಲೆಯ ಮತಗಟ್ಟೆಯಲ್ಲಿ ಈ ಘಟನೆ ನಡೆದಿದ್ದು, ಚುನಾವಣಾ ಆಯೋಗ ಗಂಭೀರವಾಗಿ ಪರಿಗಣಿಸಿದೆ ಎಂದು ಅಧಿಕಾರಿಗಳು ತಿಳಿಸಿದ್ದಾರೆ.
ಇವಿಎಂ ಫೋಟೋಗಳನ್ನು ಕ್ಲಿಕ್ಕಿಸಿ ಸಾಮಾಜಿಕ ಮಾಧ್ಯಮಗಳಲ್ಲಿ ಪೋಸ್ಟ್ ಮಾಡಿದ್ದಕ್ಕಾಗಿ ನಾಲ್ವರು ಮತದಾರರ ವಿರುದ್ಧ ಎಫ್‌ಐಆರ್ ದಾಖಲಿಸಲಾಗಿದೆ. ಮತದಾನದ ಗೌಪ್ಯತೆ ಉಲ್ಲಂಘನೆ ಮಾಡಿದ ಆರೋಪ ಹೊರಿಸಲಾಗಿದೆ. ಗೋಪಾಲ್‌ಗಂಜ್ ಜಿಲ್ಲಾಡಳಿತ ಈ ಕುರಿತು ತನಿಖೆ ಕೈಗೊಂಡಿದೆ. ಆರೋಪಿಗಳನ್ನು ಪತ್ತೆ ಹಚ್ಚಲಾಗುತ್ತಿದೆ.
ಪ್ರಕರಣಗಳನ್ನು ದಾಖಲಿಸಲಾಗಿದೆ. ಮತದಾನ ಕೇಂದ್ರಗಳಲ್ಲಿ ಇವಿಎಂಗಳ ಛಾಯಾಚಿತ್ರ ತೆಗೆಯುವುದು ಸಂಪೂರ್ಣವಾಗಿ ನಿಷೇಧಿಸಲಾಗಿದೆ. ಸಾಮಾಜಿಕ ಮಾಧ್ಯಮದಲ್ಲಿ ಹರಿದಾಡುತ್ತಿರುವ ವಿಡಿಯೋ ಆಧರಿಸಿ ಕ್ರಮ ಕೈಗೊಳ್ಳಲಾಗಿದೆ. ಜಿಲ್ಲಾ ಪೊಲೀಸರು ಪ್ರತ್ಯೇಕ ಪ್ರಕರಣಗಳನ್ನು ದಾಖಲಿಸಿದ್ದಾರೆ ಎಂದು ತಿಳಿಸಿದ್ದಾರೆ.
